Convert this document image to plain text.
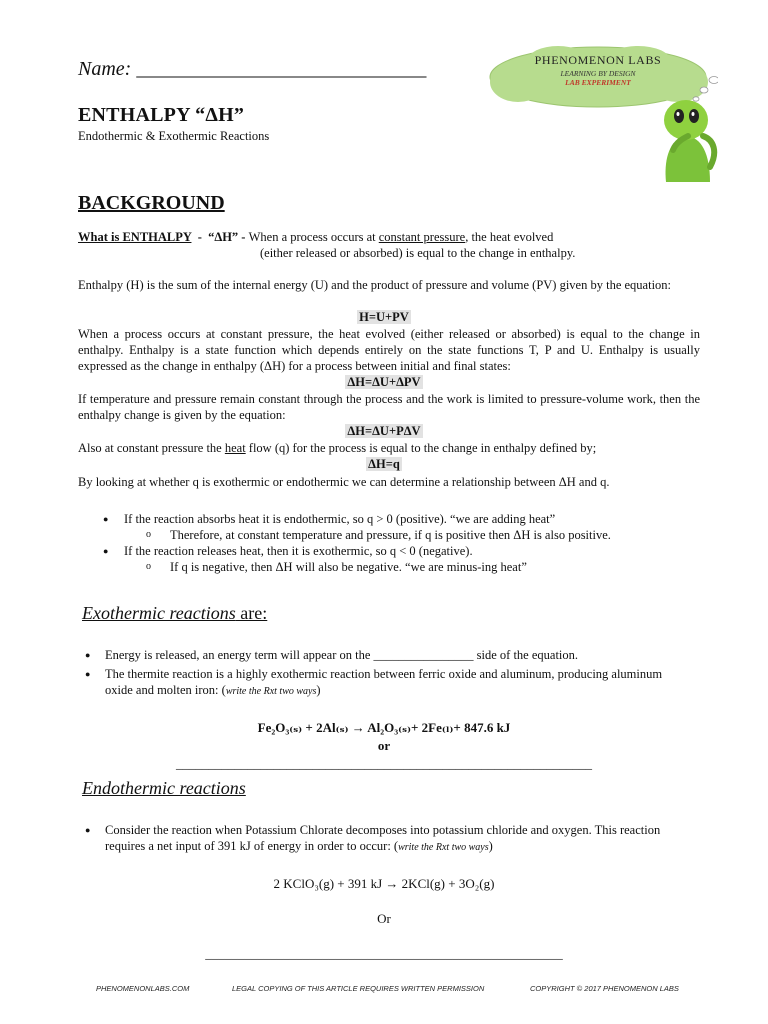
Name: _____________________________
ENTHALPY “ΔH”
Endothermic & Exothermic Reactions
PHENOMENON LABS
LEARNING BY DESIGN
LAB EXPERIMENT
BACKGROUND
What is ENTHALPY  -  “ΔH” - When a process occurs at constant pressure, the heat evolved
(either released or absorbed) is equal to the change in enthalpy.
Enthalpy (H) is the sum of the internal energy (U) and the product of pressure and volume (PV) given by the equation:
H=U+PV
When a process occurs at constant pressure, the heat evolved (either released or absorbed) is equal to the change in enthalpy. Enthalpy is a state function which depends entirely on the state functions T, P and U. Enthalpy is usually expressed as the change in enthalpy (ΔH) for a process between initial and final states:
ΔH=ΔU+ΔPV
If temperature and pressure remain constant through the process and the work is limited to pressure-volume work, then the enthalpy change is given by the equation:
ΔH=ΔU+PΔV
Also at constant pressure the heat flow (q) for the process is equal to the change in enthalpy defined by;
ΔH=q
By looking at whether q is exothermic or endothermic we can determine a relationship between ΔH and q.
● If the reaction absorbs heat it is endothermic, so q > 0 (positive). “we are adding heat”
o Therefore, at constant temperature and pressure, if q is positive then ΔH is also positive.
● If the reaction releases heat, then it is exothermic, so q < 0 (negative).
o If q is negative, then ΔH will also be negative. “we are minus-ing heat”
Exothermic reactions are:
● Energy is released, an energy term will appear on the ________________ side of the equation.
● The thermite reaction is a highly exothermic reaction between ferric oxide and aluminum, producing aluminum oxide and molten iron: (write the Rxt two ways)
Fe₂O₃₍ₛ₎ + 2Al₍ₛ₎ → Al₂O₃₍ₛ₎+ 2Fe₍ₗ₎+ 847.6 kJ
or
________________________________________________________________
Endothermic reactions
● Consider the reaction when Potassium Chlorate decomposes into potassium chloride and oxygen. This reaction requires a net input of 391 kJ of energy in order to occur: (write the Rxt two ways)
2 KClO₃(g) + 391 kJ → 2KCl(g) + 3O₂(g)
Or
_______________________________________________________
PHENOMENONLABS.COM	LEGAL COPYING OF THIS ARTICLE REQUIRES WRITTEN PERMISSION	COPYRIGHT © 2017 PHENOMENON LABS
